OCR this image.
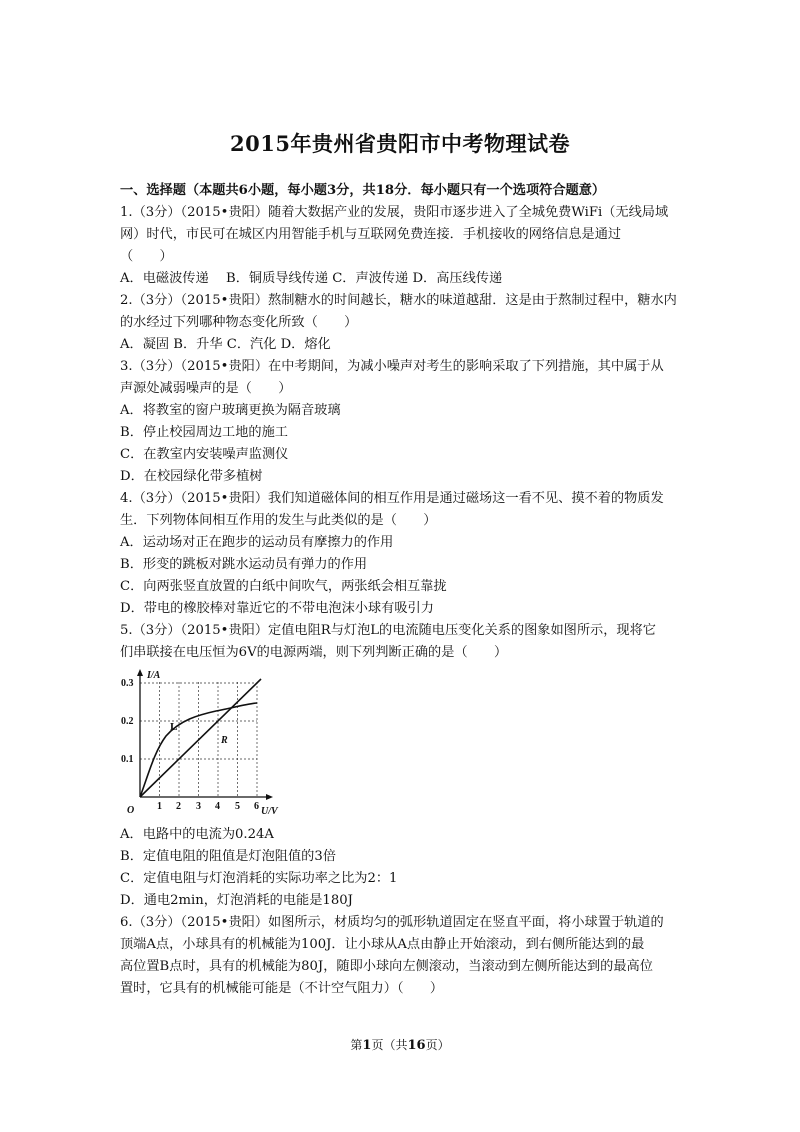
2015年贵州省贵阳市中考物理试卷
一、选择题（本题共6小题，每小题3分，共18分．每小题只有一个选项符合题意）
1.（3分）（2015•贵阳）随着大数据产业的发展，贵阳市逐步进入了全城免费WiFi（无线局域
网）时代，市民可在城区内用智能手机与互联网免费连接．手机接收的网络信息是通过
（　　）
A．电磁波传递　 B．铜质导线传递 C．声波传递 D．高压线传递
2.（3分）（2015•贵阳）熬制糖水的时间越长，糖水的味道越甜．这是由于熬制过程中，糖水内
的水经过下列哪种物态变化所致（　　）
A．凝固 B．升华 C．汽化 D．熔化
3.（3分）（2015•贵阳）在中考期间，为减小噪声对考生的影响采取了下列措施，其中属于从
声源处减弱噪声的是（　　）
A．将教室的窗户玻璃更换为隔音玻璃
B．停止校园周边工地的施工
C．在教室内安装噪声监测仪
D．在校园绿化带多植树
4.（3分）（2015•贵阳）我们知道磁体间的相互作用是通过磁场这一看不见、摸不着的物质发
生．下列物体间相互作用的发生与此类似的是（　　）
A．运动场对正在跑步的运动员有摩擦力的作用
B．形变的跳板对跳水运动员有弹力的作用
C．向两张竖直放置的白纸中间吹气，两张纸会相互靠拢
D．带电的橡胶棒对靠近它的不带电泡沫小球有吸引力
5.（3分）（2015•贵阳）定值电阻R与灯泡L的电流随电压变化关系的图象如图所示，现将它
们串联接在电压恒为6V的电源两端，则下列判断正确的是（　　）
I/A
U/V
O
0.1
0.2
0.3
1 2 3 4 5 6
L
R
A．电路中的电流为0.24A
B．定值电阻的阻值是灯泡阻值的3倍
C．定值电阻与灯泡消耗的实际功率之比为2：1
D．通电2min，灯泡消耗的电能是180J
6.（3分）（2015•贵阳）如图所示，材质均匀的弧形轨道固定在竖直平面，将小球置于轨道的
顶端A点，小球具有的机械能为100J．让小球从A点由静止开始滚动，到右侧所能达到的最
高位置B点时，具有的机械能为80J，随即小球向左侧滚动，当滚动到左侧所能达到的最高位
置时，它具有的机械能可能是（不计空气阻力）（　　）
第1页（共16页）
